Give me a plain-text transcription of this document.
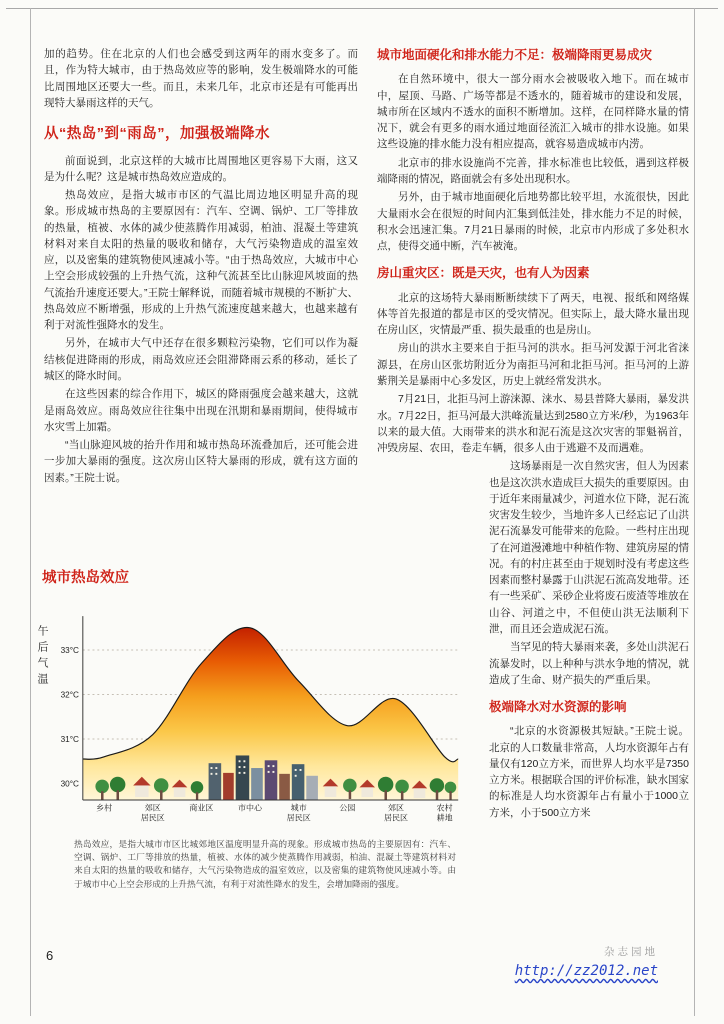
加的趋势。住在北京的人们也会感受到这两年的雨水变多了。而且，作为特大城市，由于热岛效应等的影响，发生极端降水的可能比周围地区还要大一些。而且，未来几年，北京市还是有可能再出现特大暴雨这样的天气。

从“热岛”到“雨岛”，加强极端降水

前面说到，北京这样的大城市比周围地区更容易下大雨，这又是为什么呢？这是城市热岛效应造成的。

热岛效应，是指大城市市区的气温比周边地区明显升高的现象。形成城市热岛的主要原因有：汽车、空调、锅炉、工厂等排放的热量，植被、水体的减少使蒸腾作用减弱，柏油、混凝土等建筑材料对来自太阳的热量的吸收和储存，大气污染物造成的温室效应，以及密集的建筑物使风速减小等。“由于热岛效应，大城市中心上空会形成较强的上升热气流，这种气流甚至比山脉迎风坡面的热气流抬升速度还要大。”王院士解释说，而随着城市规模的不断扩大、热岛效应不断增强，形成的上升热气流速度越来越大，也越来越有利于对流性强降水的发生。

另外，在城市大气中还存在很多颗粒污染物，它们可以作为凝结核促进降雨的形成，雨岛效应还会阻滞降雨云系的移动，延长了城区的降水时间。

在这些因素的综合作用下，城区的降雨强度会越来越大，这就是雨岛效应。雨岛效应往往集中出现在汛期和暴雨期间，使得城市水灾雪上加霜。

“当山脉迎风坡的抬升作用和城市热岛环流叠加后，还可能会进一步加大暴雨的强度。这次房山区特大暴雨的形成，就有这方面的因素。”王院士说。

城市地面硬化和排水能力不足：极端降雨更易成灾

在自然环境中，很大一部分雨水会被吸收入地下。而在城市中，屋顶、马路、广场等都是不透水的，随着城市的建设和发展，城市所在区域内不透水的面积不断增加。这样，在同样降水量的情况下，就会有更多的雨水通过地面径流汇入城市的排水设施。如果这些设施的排水能力没有相应提高，就容易造成城市内涝。

北京市的排水设施尚不完善，排水标准也比较低，遇到这样极端降雨的情况，路面就会有多处出现积水。

另外，由于城市地面硬化后地势都比较平坦，水流很快，因此大量雨水会在很短的时间内汇集到低洼处，排水能力不足的时候，积水会迅速汇集。7月21日暴雨的时候，北京市内形成了多处积水点，使得交通中断，汽车被淹。

房山重灾区：既是天灾，也有人为因素

北京的这场特大暴雨断断续续下了两天，电视、报纸和网络媒体等首先报道的都是市区的受灾情况。但实际上，最大降水量出现在房山区，灾情最严重、损失最重的也是房山。

房山的洪水主要来自于拒马河的洪水。拒马河发源于河北省涞源县，在房山区张坊附近分为南拒马河和北拒马河。拒马河的上游紫荆关是暴雨中心多发区，历史上就经常发洪水。

7月21日，北拒马河上游涞源、涞水、易县普降大暴雨，暴发洪水。7月22日，拒马河最大洪峰流量达到2580立方米/秒，为1963年以来的最大值。大雨带来的洪水和泥石流是这次灾害的罪魁祸首，冲毁房屋、农田，卷走车辆，很多人由于逃避不及而遇难。

这场暴雨是一次自然灾害，但人为因素也是这次洪水造成巨大损失的重要原因。由于近年来雨量减少，河道水位下降，泥石流灾害发生较少，当地许多人已经忘记了山洪泥石流暴发可能带来的危险。一些村庄出现了在河道漫滩地中种植作物、建筑房屋的情况。有的村庄甚至由于规划时没有考虑这些因素而整村暴露于山洪泥石流高发地带。还有一些采矿、采砂企业将废石废渣等堆放在山谷、河道之中，不但使山洪无法顺利下泄，而且还会造成泥石流。

当罕见的特大暴雨来袭，多处山洪泥石流暴发时，以上种种与洪水争地的情况，就造成了生命、财产损失的严重后果。

极端降水对水资源的影响

“北京的水资源极其短缺。”王院士说。北京的人口数量非常高，人均水资源年占有量仅有120立方米，而世界人均水平是7350立方米。根据联合国的评价标准，缺水国家的标准是人均水资源年占有量小于1000立方米，小于500立方米

城市热岛效应
午后气温 33°C
32°C
31°C
30°C
乡村	郊区
居民区
商业区	市中心	城市
居民区
公园	郊区
居民区
农村
耕地

热岛效应，是指大城市市区比城郊地区温度明显升高的现象。形成城市热岛的主要原因有：汽车、空调、锅炉、工厂等排放的热量，植被、水体的减少使蒸腾作用减弱，柏油、混凝土等建筑材料对来自太阳的热量的吸收和储存，大气污染物造成的温室效应，以及密集的建筑物使风速减小等。由于城市中心上空会形成的上升热气流，有利于对流性降水的发生，会增加降雨的强度。

6	杂志园地
http://zz2012.net
